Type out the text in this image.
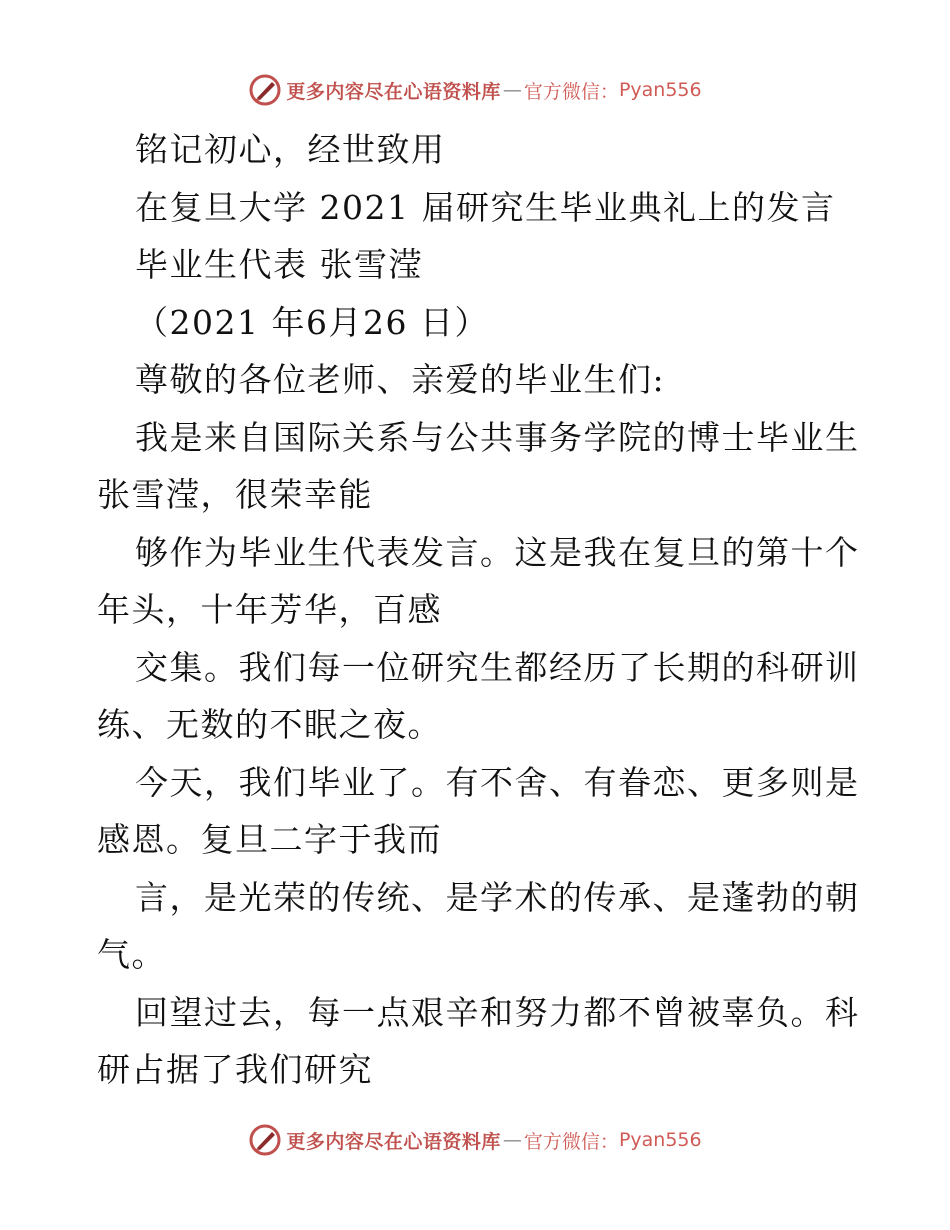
更多内容尽在心语资料库 — 官方微信： Pyan556

铭记初心，经世致用

在复旦大学 2021 届研究生毕业典礼上的发言

毕业生代表 张雪滢

（2021 年6月26 日）

尊敬的各位老师、亲爱的毕业生们:

我是来自国际关系与公共事务学院的博士毕业生

张雪滢，很荣幸能

够作为毕业生代表发言。这是我在复旦的第十个

年头，十年芳华，百感

交集。我们每一位研究生都经历了长期的科研训

练、无数的不眠之夜。

今天，我们毕业了。有不舍、有眷恋、更多则是

感恩。复旦二字于我而

言，是光荣的传统、是学术的传承、是蓬勃的朝

气。

回望过去，每一点艰辛和努力都不曾被辜负。科

研占据了我们研究

更多内容尽在心语资料库 — 官方微信： Pyan556
